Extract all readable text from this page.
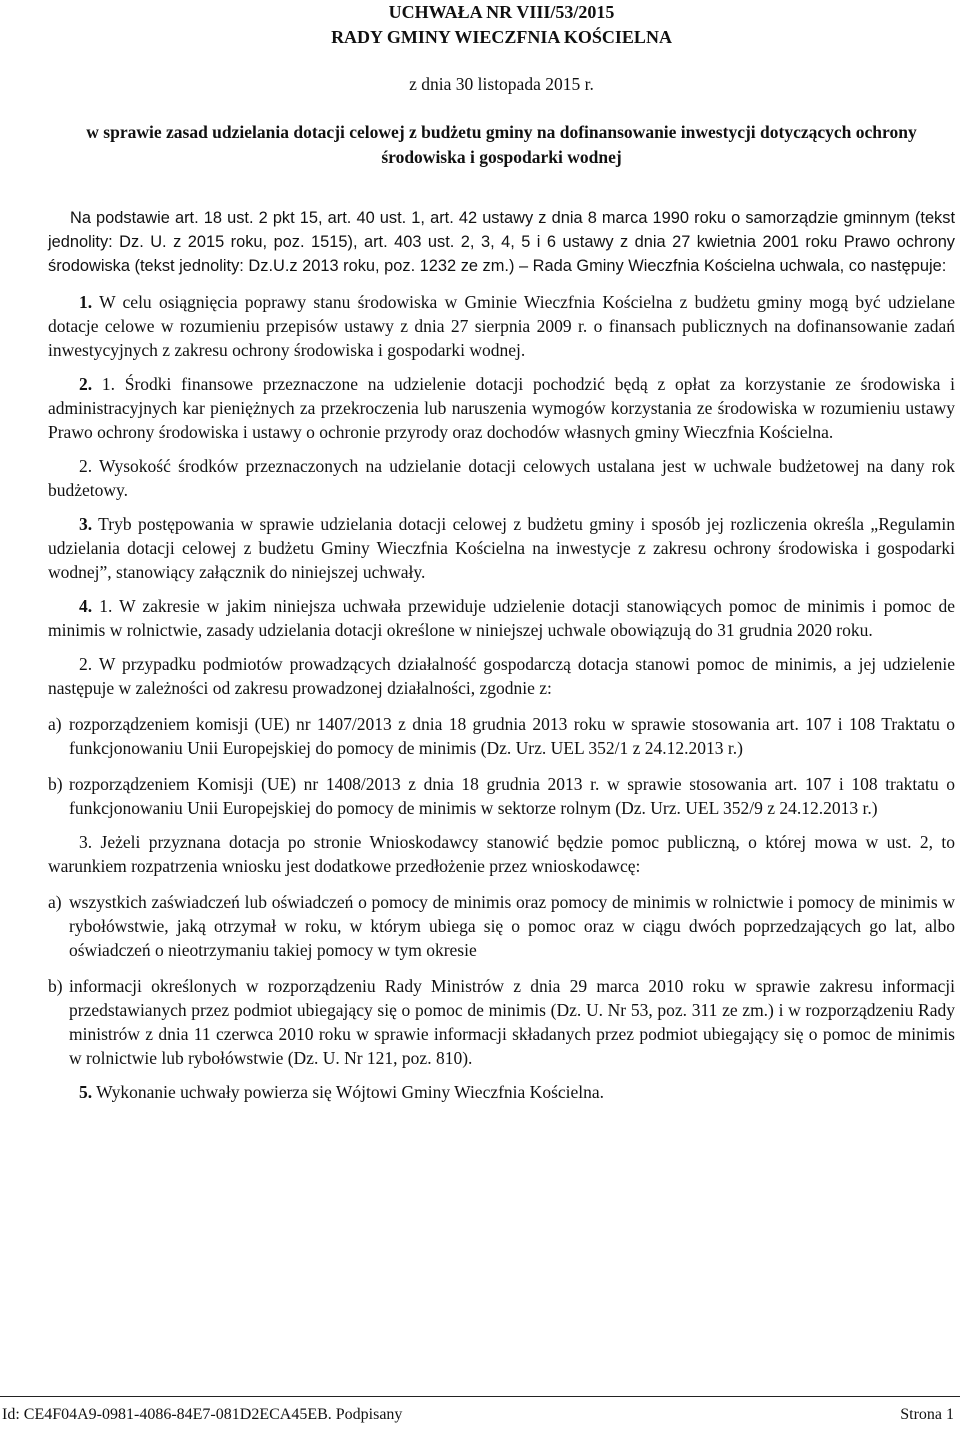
UCHWAŁA NR VIII/53/2015
RADY GMINY WIECZFNIA KOŚCIELNA
z dnia 30 listopada 2015 r.
w sprawie zasad udzielania dotacji celowej z budżetu gminy na dofinansowanie inwestycji dotyczących ochrony środowiska i gospodarki wodnej
Na podstawie art. 18 ust. 2 pkt 15, art. 40 ust. 1, art. 42 ustawy z dnia 8 marca 1990 roku o samorządzie gminnym (tekst jednolity: Dz. U. z 2015 roku, poz. 1515), art. 403 ust. 2, 3, 4, 5 i 6 ustawy z dnia 27 kwietnia 2001 roku Prawo ochrony środowiska (tekst jednolity: Dz.U.z 2013 roku, poz. 1232 ze zm.) – Rada Gminy Wieczfnia Kościelna uchwala, co następuje:
1. W celu osiągnięcia poprawy stanu środowiska w Gminie Wieczfnia Kościelna z budżetu gminy mogą być udzielane dotacje celowe w rozumieniu przepisów ustawy z dnia 27 sierpnia 2009 r. o finansach publicznych na dofinansowanie zadań inwestycyjnych z zakresu ochrony środowiska i gospodarki wodnej.
2. 1. Środki finansowe przeznaczone na udzielenie dotacji pochodzić będą z opłat za korzystanie ze środowiska i administracyjnych kar pieniężnych za przekroczenia lub naruszenia wymogów korzystania ze środowiska w rozumieniu ustawy Prawo ochrony środowiska i ustawy o ochronie przyrody oraz dochodów własnych gminy Wieczfnia Kościelna.
2. Wysokość środków przeznaczonych na udzielanie dotacji celowych ustalana jest w uchwale budżetowej na dany rok budżetowy.
3. Tryb postępowania w sprawie udzielania dotacji celowej z budżetu gminy i sposób jej rozliczenia określa „Regulamin udzielania dotacji celowej z budżetu Gminy Wieczfnia Kościelna na inwestycje z zakresu ochrony środowiska i gospodarki wodnej”, stanowiący załącznik do niniejszej uchwały.
4. 1. W zakresie w jakim niniejsza uchwała przewiduje udzielenie dotacji stanowiących pomoc de minimis i pomoc de minimis w rolnictwie, zasady udzielania dotacji określone w niniejszej uchwale obowiązują do 31 grudnia 2020 roku.
2. W przypadku podmiotów prowadzących działalność gospodarczą dotacja stanowi pomoc de minimis, a jej udzielenie następuje w zależności od zakresu prowadzonej działalności, zgodnie z:
a) rozporządzeniem komisji (UE) nr 1407/2013 z dnia 18 grudnia 2013 roku w sprawie stosowania art. 107 i 108 Traktatu o funkcjonowaniu Unii Europejskiej do pomocy de minimis (Dz. Urz. UEL 352/1 z 24.12.2013 r.)
b) rozporządzeniem Komisji (UE) nr 1408/2013 z dnia 18 grudnia 2013 r. w sprawie stosowania art. 107 i 108 traktatu o funkcjonowaniu Unii Europejskiej do pomocy de minimis w sektorze rolnym (Dz. Urz. UEL 352/9 z 24.12.2013 r.)
3. Jeżeli przyznana dotacja po stronie Wnioskodawcy stanowić będzie pomoc publiczną, o której mowa w ust. 2, to warunkiem rozpatrzenia wniosku jest dodatkowe przedłożenie przez wnioskodawcę:
a) wszystkich zaświadczeń lub oświadczeń o pomocy de minimis oraz pomocy de minimis w rolnictwie i pomocy de minimis w rybołówstwie, jaką otrzymał w roku, w którym ubiega się o pomoc oraz w ciągu dwóch poprzedzających go lat, albo oświadczeń o nieotrzymaniu takiej pomocy w tym okresie
b) informacji określonych w rozporządzeniu Rady Ministrów z dnia 29 marca 2010 roku w sprawie zakresu informacji przedstawianych przez podmiot ubiegający się o pomoc de minimis (Dz. U. Nr 53, poz. 311 ze zm.) i w rozporządzeniu Rady ministrów z dnia 11 czerwca 2010 roku w sprawie informacji składanych przez podmiot ubiegający się o pomoc de minimis w rolnictwie lub rybołówstwie (Dz. U. Nr 121, poz. 810).
5. Wykonanie uchwały powierza się Wójtowi Gminy Wieczfnia Kościelna.
Id: CE4F04A9-0981-4086-84E7-081D2ECA45EB. Podpisany	Strona 1
